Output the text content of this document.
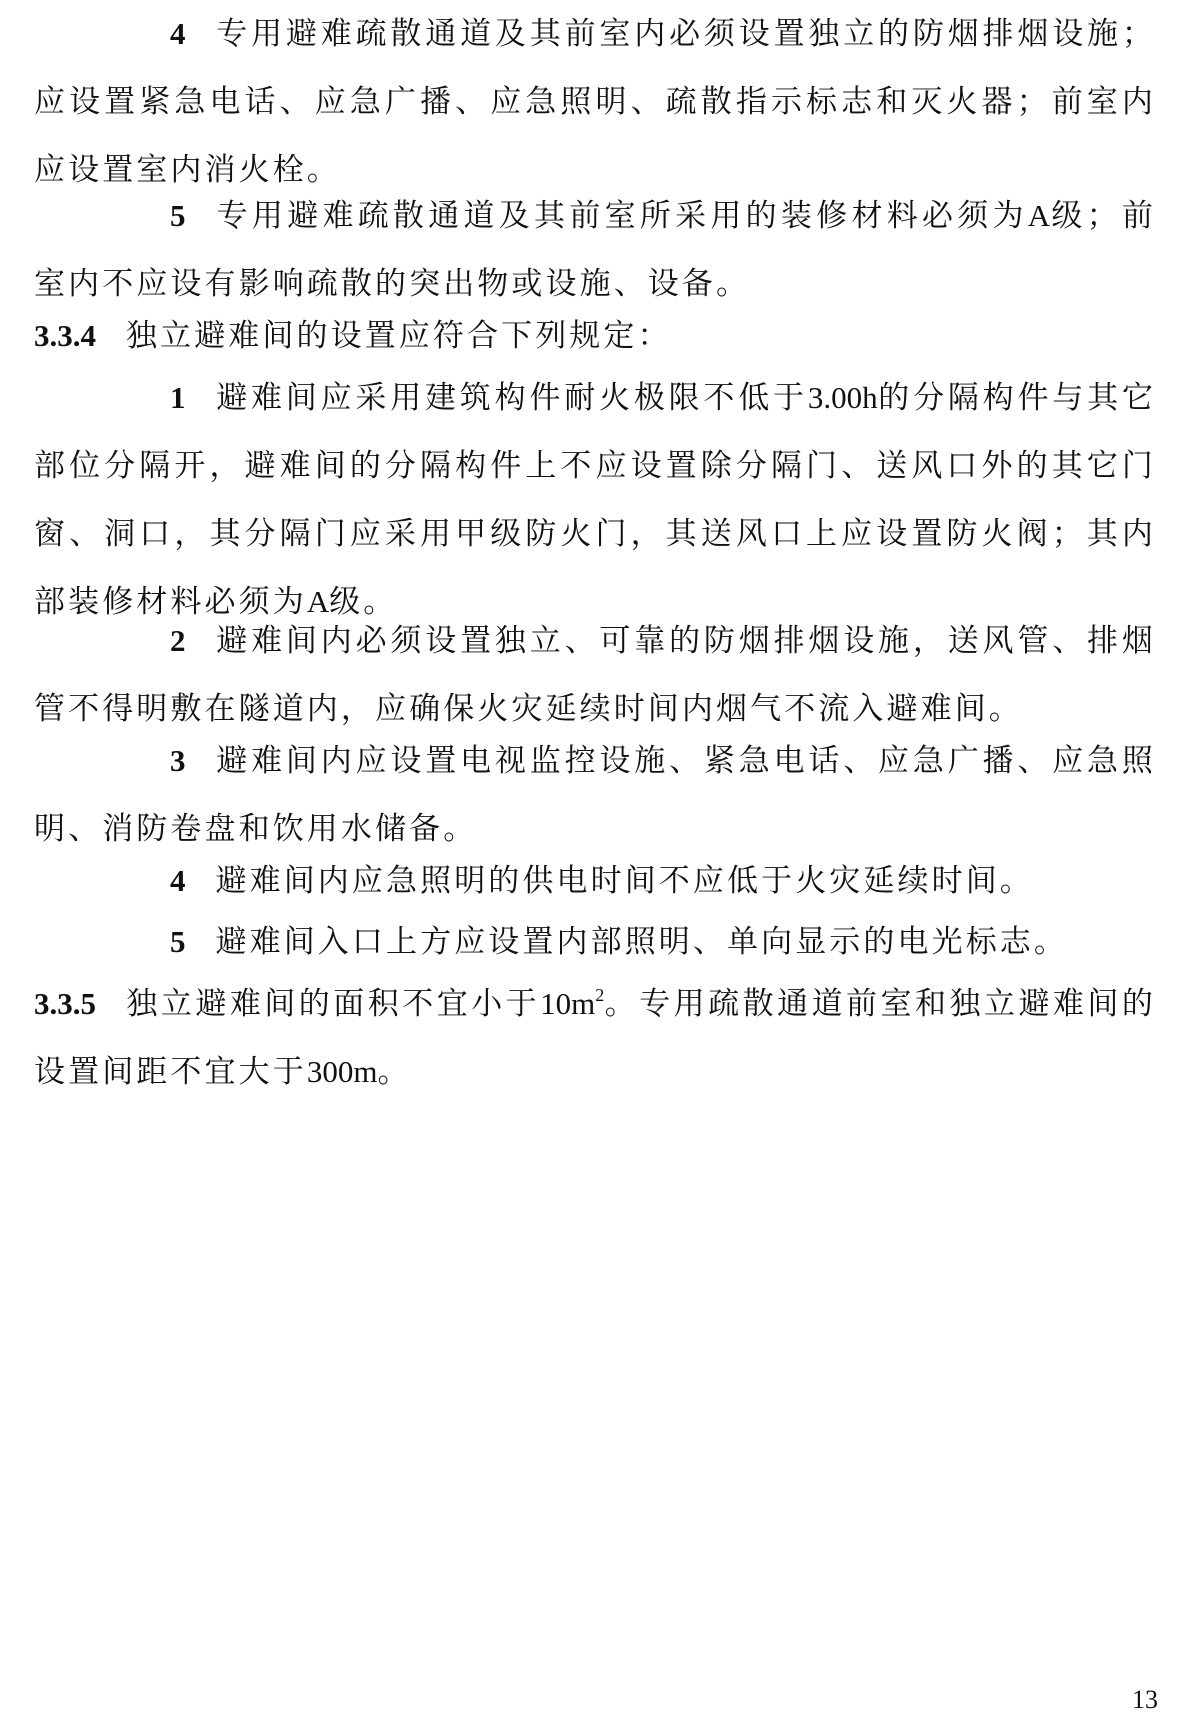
4 专用避难疏散通道及其前室内必须设置独立的防烟排烟设施；应设置紧急电话、应急广播、应急照明、疏散指示标志和灭火器；前室内应设置室内消火栓。

5 专用避难疏散通道及其前室所采用的装修材料必须为A级；前室内不应设有影响疏散的突出物或设施、设备。

3.3.4 独立避难间的设置应符合下列规定：

1 避难间应采用建筑构件耐火极限不低于3.00h的分隔构件与其它部位分隔开，避难间的分隔构件上不应设置除分隔门、送风口外的其它门窗、洞口，其分隔门应采用甲级防火门，其送风口上应设置防火阀；其内部装修材料必须为A级。

2 避难间内必须设置独立、可靠的防烟排烟设施，送风管、排烟管不得明敷在隧道内，应确保火灾延续时间内烟气不流入避难间。

3 避难间内应设置电视监控设施、紧急电话、应急广播、应急照明、消防卷盘和饮用水储备。

4 避难间内应急照明的供电时间不应低于火灾延续时间。

5 避难间入口上方应设置内部照明、单向显示的电光标志。

3.3.5 独立避难间的面积不宜小于$10m^2$。专用疏散通道前室和独立避难间的设置间距不宜大于300m。

13
